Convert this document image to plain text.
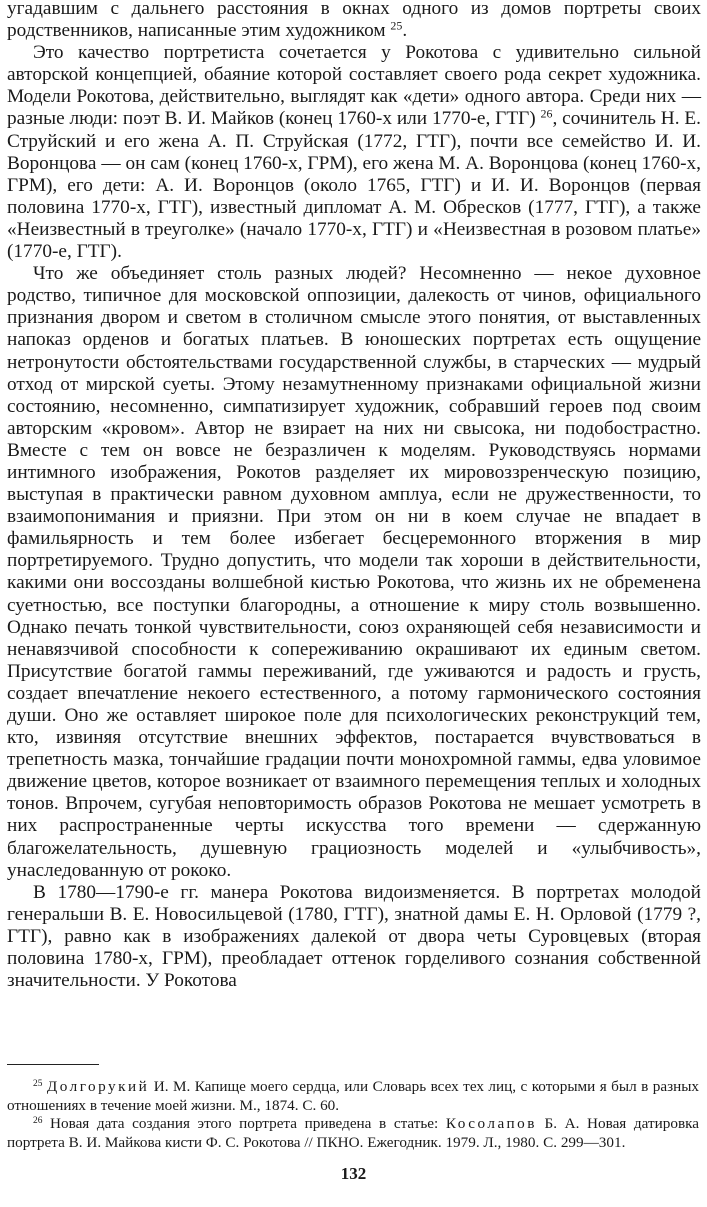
угадавшим с дальнего расстояния в окнах одного из домов портреты своих родственников, написанные этим художником $^{25}$.

Это качество портретиста сочетается у Рокотова с удивительно сильной авторской концепцией, обаяние которой составляет своего рода секрет художника. Модели Рокотова, действительно, выглядят как «дети» одного автора. Среди них — разные люди: поэт В. И. Майков (конец 1760-х или 1770-е, ГТГ) $^{26}$, сочинитель Н. Е. Струйский и его жена А. П. Струйская (1772, ГТГ), почти все семейство И. И. Воронцова — он сам (конец 1760-х, ГРМ), его жена М. А. Воронцова (конец 1760-х, ГРМ), его дети: А. И. Воронцов (около 1765, ГТГ) и И. И. Воронцов (первая половина 1770-х, ГТГ), известный дипломат А. М. Обресков (1777, ГТГ), а также «Неизвестный в треуголке» (начало 1770-х, ГТГ) и «Неизвестная в розовом платье» (1770-е, ГТГ).

Что же объединяет столь разных людей? Несомненно — некое духовное родство, типичное для московской оппозиции, далекость от чинов, официального признания двором и светом в столичном смысле этого понятия, от выставленных напоказ орденов и богатых платьев. В юношеских портретах есть ощущение нетронутости обстоятельствами государственной службы, в старческих — мудрый отход от мирской суеты. Этому незамутненному признаками официальной жизни состоянию, несомненно, симпатизирует художник, собравший героев под своим авторским «кровом». Автор не взирает на них ни свысока, ни подобострастно. Вместе с тем он вовсе не безразличен к моделям. Руководствуясь нормами интимного изображения, Рокотов разделяет их мировоззренческую позицию, выступая в практически равном духовном амплуа, если не дружественности, то взаимопонимания и приязни. При этом он ни в коем случае не впадает в фамильярность и тем более избегает бесцеремонного вторжения в мир портретируемого. Трудно допустить, что модели так хороши в действительности, какими они воссозданы волшебной кистью Рокотова, что жизнь их не обременена суетностью, все поступки благородны, а отношение к миру столь возвышенно. Однако печать тонкой чувствительности, союз охраняющей себя независимости и ненавязчивой способности к сопереживанию окрашивают их единым светом. Присутствие богатой гаммы переживаний, где уживаются и радость и грусть, создает впечатление некоего естественного, а потому гармонического состояния души. Оно же оставляет широкое поле для психологических реконструкций тем, кто, извиняя отсутствие внешних эффектов, постарается вчувствоваться в трепетность мазка, тончайшие градации почти монохромной гаммы, едва уловимое движение цветов, которое возникает от взаимного перемещения теплых и холодных тонов. Впрочем, сугубая неповторимость образов Рокотова не мешает усмотреть в них распространенные черты искусства того времени — сдержанную благожелательность, душевную грациозность моделей и «улыбчивость», унаследованную от рококо.

В 1780—1790-е гг. манера Рокотова видоизменяется. В портретах молодой генеральши В. Е. Новосильцевой (1780, ГТГ), знатной дамы Е. Н. Орловой (1779 ?, ГТГ), равно как в изображениях далекой от двора четы Суровцевых (вторая половина 1780-х, ГРМ), преобладает оттенок горделивого сознания собственной значительности. У Рокотова

$^{25}$ Долгорукий И. М. Капище моего сердца, или Словарь всех тех лиц, с которыми я был в разных отношениях в течение моей жизни. М., 1874. С. 60.

$^{26}$ Новая дата создания этого портрета приведена в статье: Косолапов Б. А. Новая датировка портрета В. И. Майкова кисти Ф. С. Рокотова // ПКНО. Ежегодник. 1979. Л., 1980. С. 299—301.

132
